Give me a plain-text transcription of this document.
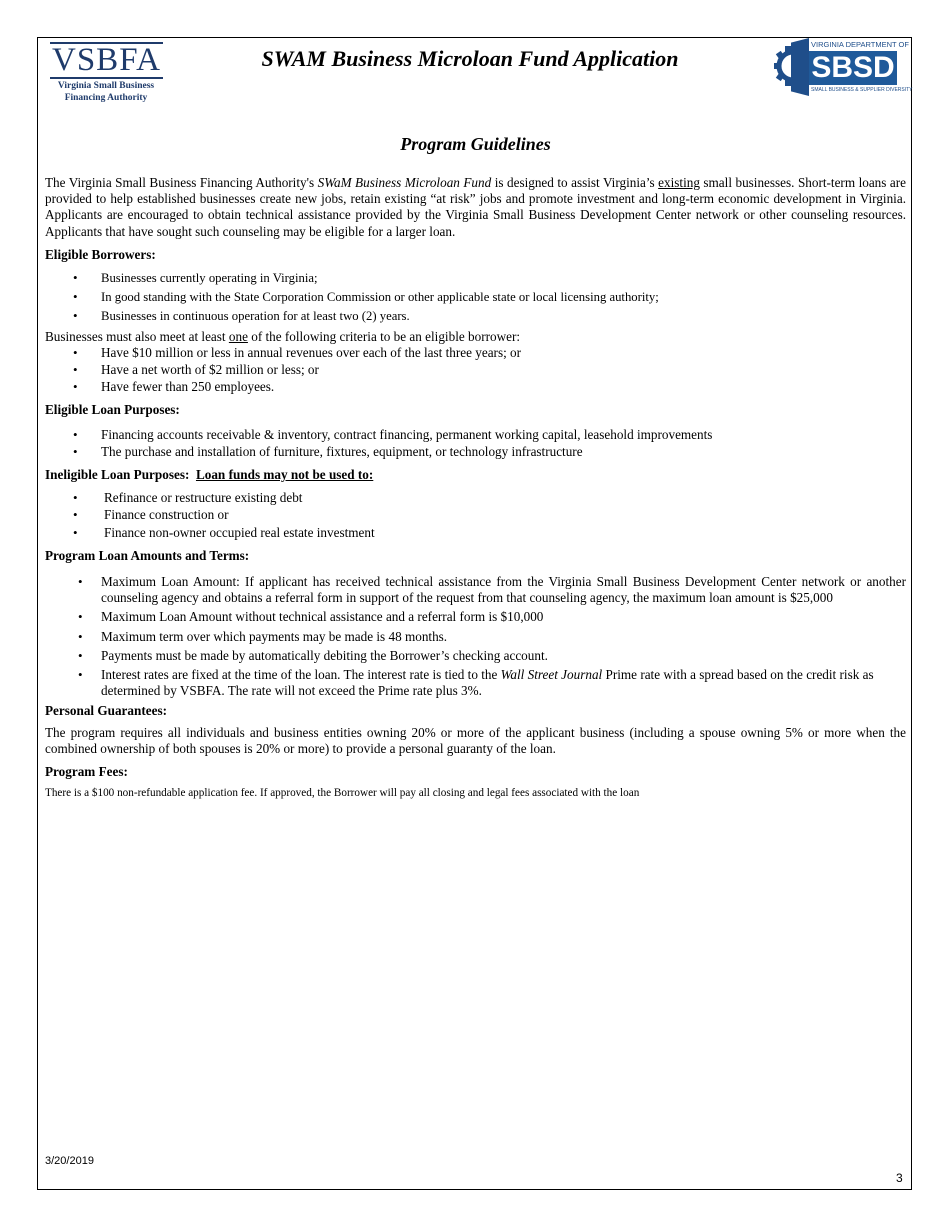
VSBFA
Virginia Small Business
Financing Authority
SWAM Business Microloan Fund Application
VIRGINIA DEPARTMENT OF
SBSD
SMALL BUSINESS & SUPPLIER DIVERSITY
Program Guidelines

The Virginia Small Business Financing Authority's SWaM Business Microloan Fund is designed to assist Virginia’s existing small businesses. Short-term loans are provided to help established businesses create new jobs, retain existing “at risk” jobs and promote investment and long-term economic development in Virginia. Applicants are encouraged to obtain technical assistance provided by the Virginia Small Business Development Center network or other counseling resources. Applicants that have sought such counseling may be eligible for a larger loan.

Eligible Borrowers:
• Businesses currently operating in Virginia;
• In good standing with the State Corporation Commission or other applicable state or local licensing authority;
• Businesses in continuous operation for at least two (2) years.

Businesses must also meet at least one of the following criteria to be an eligible borrower:

• Have $10 million or less in annual revenues over each of the last three years; or
• Have a net worth of $2 million or less; or
• Have fewer than 250 employees.
Eligible Loan Purposes:
• Financing accounts receivable & inventory, contract financing, permanent working capital, leasehold improvements
• The purchase and installation of furniture, fixtures, equipment, or technology infrastructure
Ineligible Loan Purposes: Loan funds may not be used to:
• Refinance or restructure existing debt
• Finance construction or
• Finance non-owner occupied real estate investment
Program Loan Amounts and Terms:
• Maximum Loan Amount: If applicant has received technical assistance from the Virginia Small Business Development Center network or another counseling agency and obtains a referral form in support of the request from that counseling agency, the maximum loan amount is $25,000
• Maximum Loan Amount without technical assistance and a referral form is $10,000
• Maximum term over which payments may be made is 48 months.
• Payments must be made by automatically debiting the Borrower’s checking account.
• Interest rates are fixed at the time of the loan. The interest rate is tied to the Wall Street Journal Prime rate with a spread based on the credit risk as determined by VSBFA. The rate will not exceed the Prime rate plus 3%.
Personal Guarantees:

The program requires all individuals and business entities owning 20% or more of the applicant business (including a spouse owning 5% or more when the combined ownership of both spouses is 20% or more) to provide a personal guaranty of the loan.

Program Fees:

There is a $100 non-refundable application fee. If approved, the Borrower will pay all closing and legal fees associated with the loan

3/20/2019
3
